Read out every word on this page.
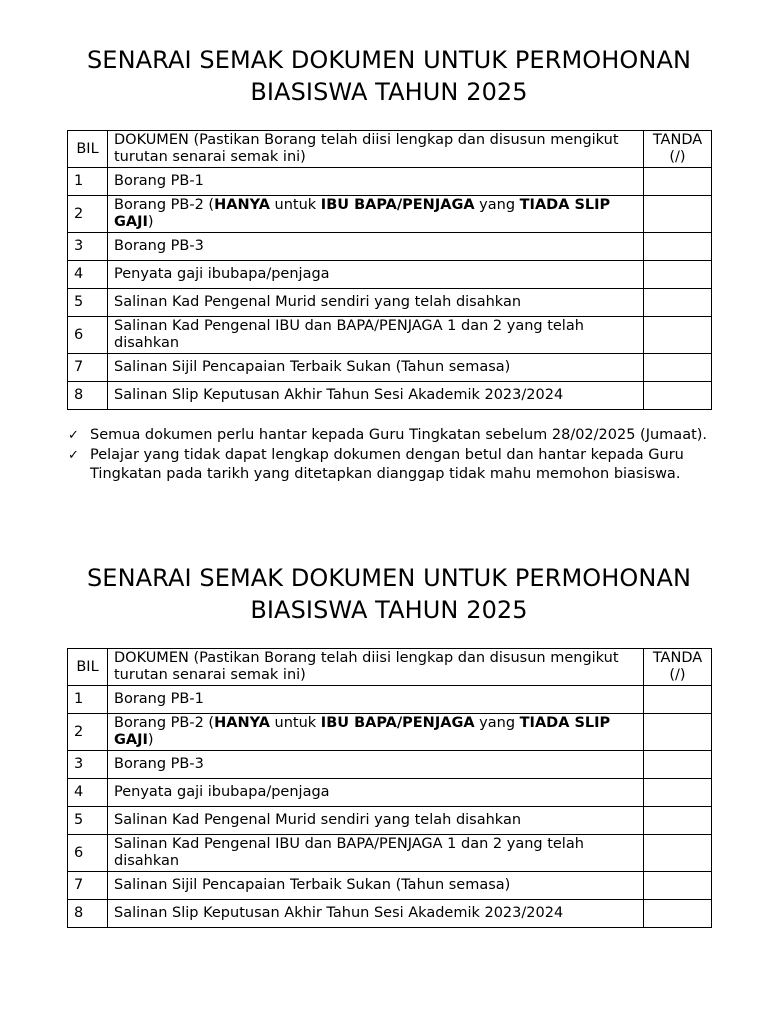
SENARAI SEMAK DOKUMEN UNTUK PERMOHONAN
BIASISWA TAHUN 2025
BIL	DOKUMEN (Pastikan Borang telah diisi lengkap dan disusun mengikut turutan senarai semak ini)	TANDA (/)
1	Borang PB-1	
2	Borang PB-2 (HANYA untuk IBU BAPA/PENJAGA yang TIADA SLIP GAJI)	
3	Borang PB-3	
4	Penyata gaji ibubapa/penjaga	
5	Salinan Kad Pengenal Murid sendiri yang telah disahkan	
6	Salinan Kad Pengenal IBU dan BAPA/PENJAGA 1 dan 2 yang telah disahkan	
7	Salinan Sijil Pencapaian Terbaik Sukan (Tahun semasa)	
8	Salinan Slip Keputusan Akhir Tahun Sesi Akademik 2023/2024	
✓ Semua dokumen perlu hantar kepada Guru Tingkatan sebelum 28/02/2025 (Jumaat).
✓ Pelajar yang tidak dapat lengkap dokumen dengan betul dan hantar kepada Guru Tingkatan pada tarikh yang ditetapkan dianggap tidak mahu memohon biasiswa.
SENARAI SEMAK DOKUMEN UNTUK PERMOHONAN
BIASISWA TAHUN 2025
BIL	DOKUMEN (Pastikan Borang telah diisi lengkap dan disusun mengikut turutan senarai semak ini)	TANDA (/)
1	Borang PB-1	
2	Borang PB-2 (HANYA untuk IBU BAPA/PENJAGA yang TIADA SLIP GAJI)	
3	Borang PB-3	
4	Penyata gaji ibubapa/penjaga	
5	Salinan Kad Pengenal Murid sendiri yang telah disahkan	
6	Salinan Kad Pengenal IBU dan BAPA/PENJAGA 1 dan 2 yang telah disahkan	
7	Salinan Sijil Pencapaian Terbaik Sukan (Tahun semasa)	
8	Salinan Slip Keputusan Akhir Tahun Sesi Akademik 2023/2024	
